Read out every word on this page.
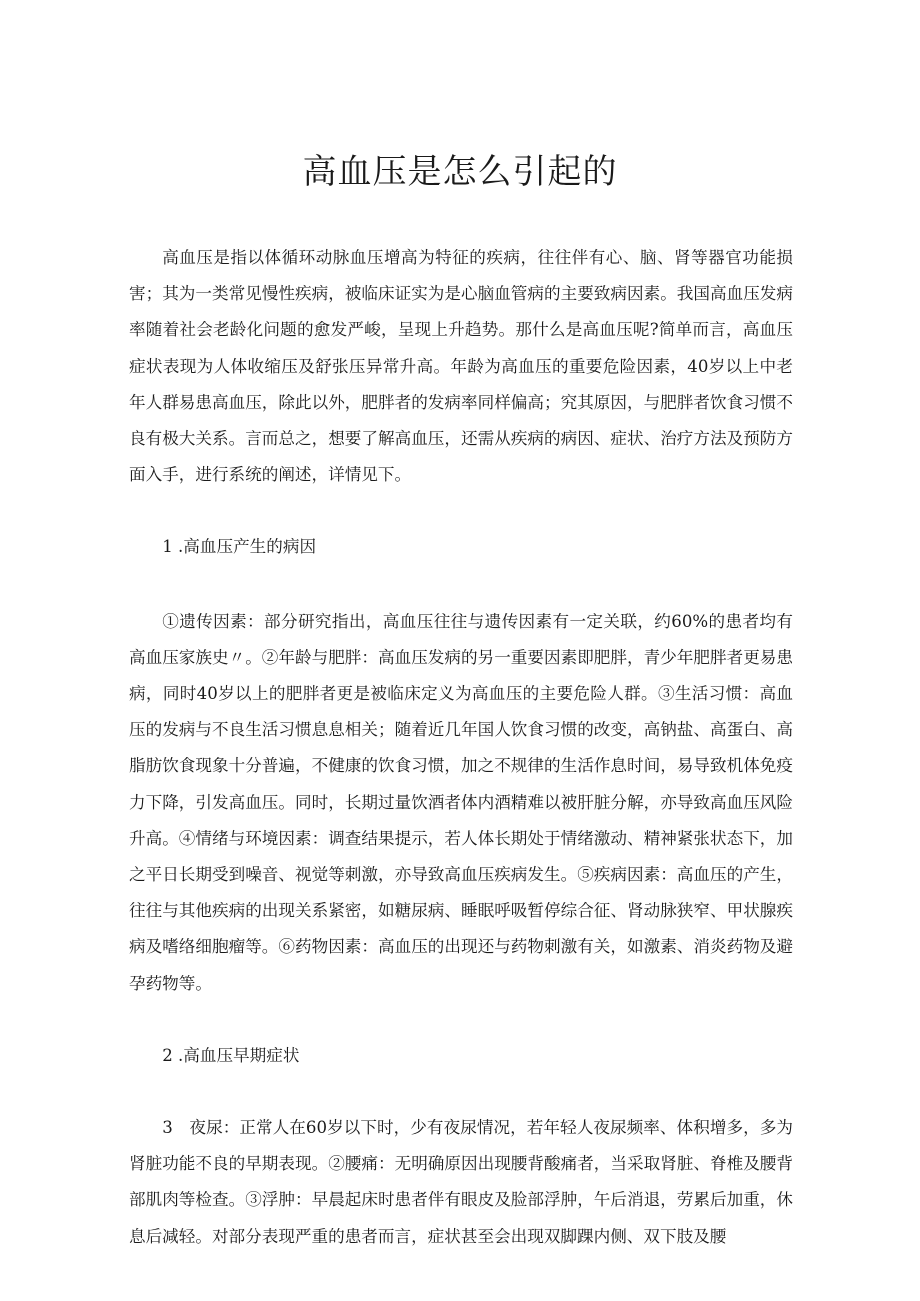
高血压是怎么引起的

高血压是指以体循环动脉血压增高为特征的疾病，往往伴有心、脑、肾等器官功能损害；其为一类常见慢性疾病，被临床证实为是心脑血管病的主要致病因素。我国高血压发病率随着社会老龄化问题的愈发严峻，呈现上升趋势。那什么是高血压呢?简单而言，高血压症状表现为人体收缩压及舒张压异常升高。年龄为高血压的重要危险因素，40岁以上中老年人群易患高血压，除此以外，肥胖者的发病率同样偏高；究其原因，与肥胖者饮食习惯不良有极大关系。言而总之，想要了解高血压，还需从疾病的病因、症状、治疗方法及预防方面入手，进行系统的阐述，详情见下。

1 .高血压产生的病因

①遗传因素：部分研究指出，高血压往往与遗传因素有一定关联，约60%的患者均有高血压家族史〃。②年龄与肥胖：高血压发病的另一重要因素即肥胖，青少年肥胖者更易患病，同时40岁以上的肥胖者更是被临床定义为高血压的主要危险人群。③生活习惯：高血压的发病与不良生活习惯息息相关；随着近几年国人饮食习惯的改变，高钠盐、高蛋白、高脂肪饮食现象十分普遍，不健康的饮食习惯，加之不规律的生活作息时间，易导致机体免疫力下降，引发高血压。同时，长期过量饮酒者体内酒精难以被肝脏分解，亦导致高血压风险升高。④情绪与环境因素：调查结果提示，若人体长期处于情绪激动、精神紧张状态下，加之平日长期受到噪音、视觉等刺激，亦导致高血压疾病发生。⑤疾病因素：高血压的产生，往往与其他疾病的出现关系紧密，如糖尿病、睡眠呼吸暂停综合征、肾动脉狭窄、甲状腺疾病及嗜络细胞瘤等。⑥药物因素：高血压的出现还与药物刺激有关，如激素、消炎药物及避孕药物等。

2 .高血压早期症状

3　夜尿：正常人在60岁以下时，少有夜尿情况，若年轻人夜尿频率、体积增多，多为肾脏功能不良的早期表现。②腰痛：无明确原因出现腰背酸痛者，当采取肾脏、脊椎及腰背部肌肉等检查。③浮肿：早晨起床时患者伴有眼皮及脸部浮肿，午后消退，劳累后加重，休息后减轻。对部分表现严重的患者而言，症状甚至会出现双脚踝内侧、双下肢及腰
